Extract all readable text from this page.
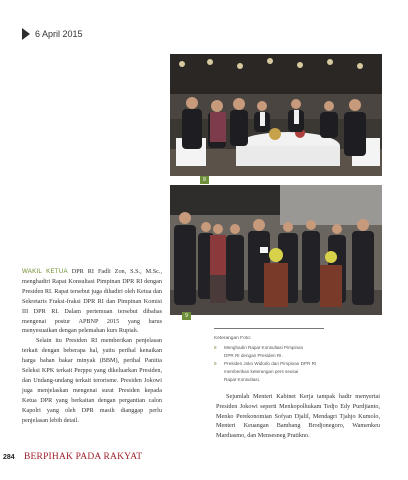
6 April 2015
8
9

WAKIL KETUA DPR RI Fadli Zon, S.S., M.Sc., menghadiri Rapat Konsultasi Pimpinan DPR RI dengan Presiden RI. Rapat tersebut juga dihadiri oleh Ketua dan Sekretaris Fraksi-fraksi DPR RI dan Pimpinan Komisi III DPR RI. Dalam pertemuan tersebut dibahas mengenai postur APBNP 2015 yang harus menyesuaikan dengan pelemahan kurs Rupiah.

Selain itu Presiden RI memberikan penjelasan terkait dengan beberapa hal, yaitu perihal kenaikan harga bahan bakar minyak (BBM), perihal Panitia Seleksi KPK terkait Perppu yang dikeluarkan Presiden, dan Undang-undang terkait terorisme. Presiden Jokowi juga menjelaskan mengenai surat Presiden kepada Ketua DPR yang berkaitan dengan pergantian calon Kapolri yang oleh DPR masih dianggap perlu penjelasan lebih detail.

Keterangan Foto:
8	Menghadiri Rapat Konsultasi Pimpinan
DPR RI dengan Presiden RI.
9	Presiden Joko Widodo dan Pimpinan DPR RI
memberikan keterangan pers seusai
Rapat Konsultasi.

Sejumlah Menteri Kabinet Kerja tampak hadir menyertai Presiden Jokowi seperti Menkopolhukam Tedjo Edy Purdjianto, Menko Perekonomian Sofyan Djalil, Mendagri Tjahjo Kumolo, Menteri Keuangan Bambang Brodjonegoro, Wamenkeu Mardiasmo, dan Mensesneg Pratikno.

284 BERPIHAK PADA RAKYAT
